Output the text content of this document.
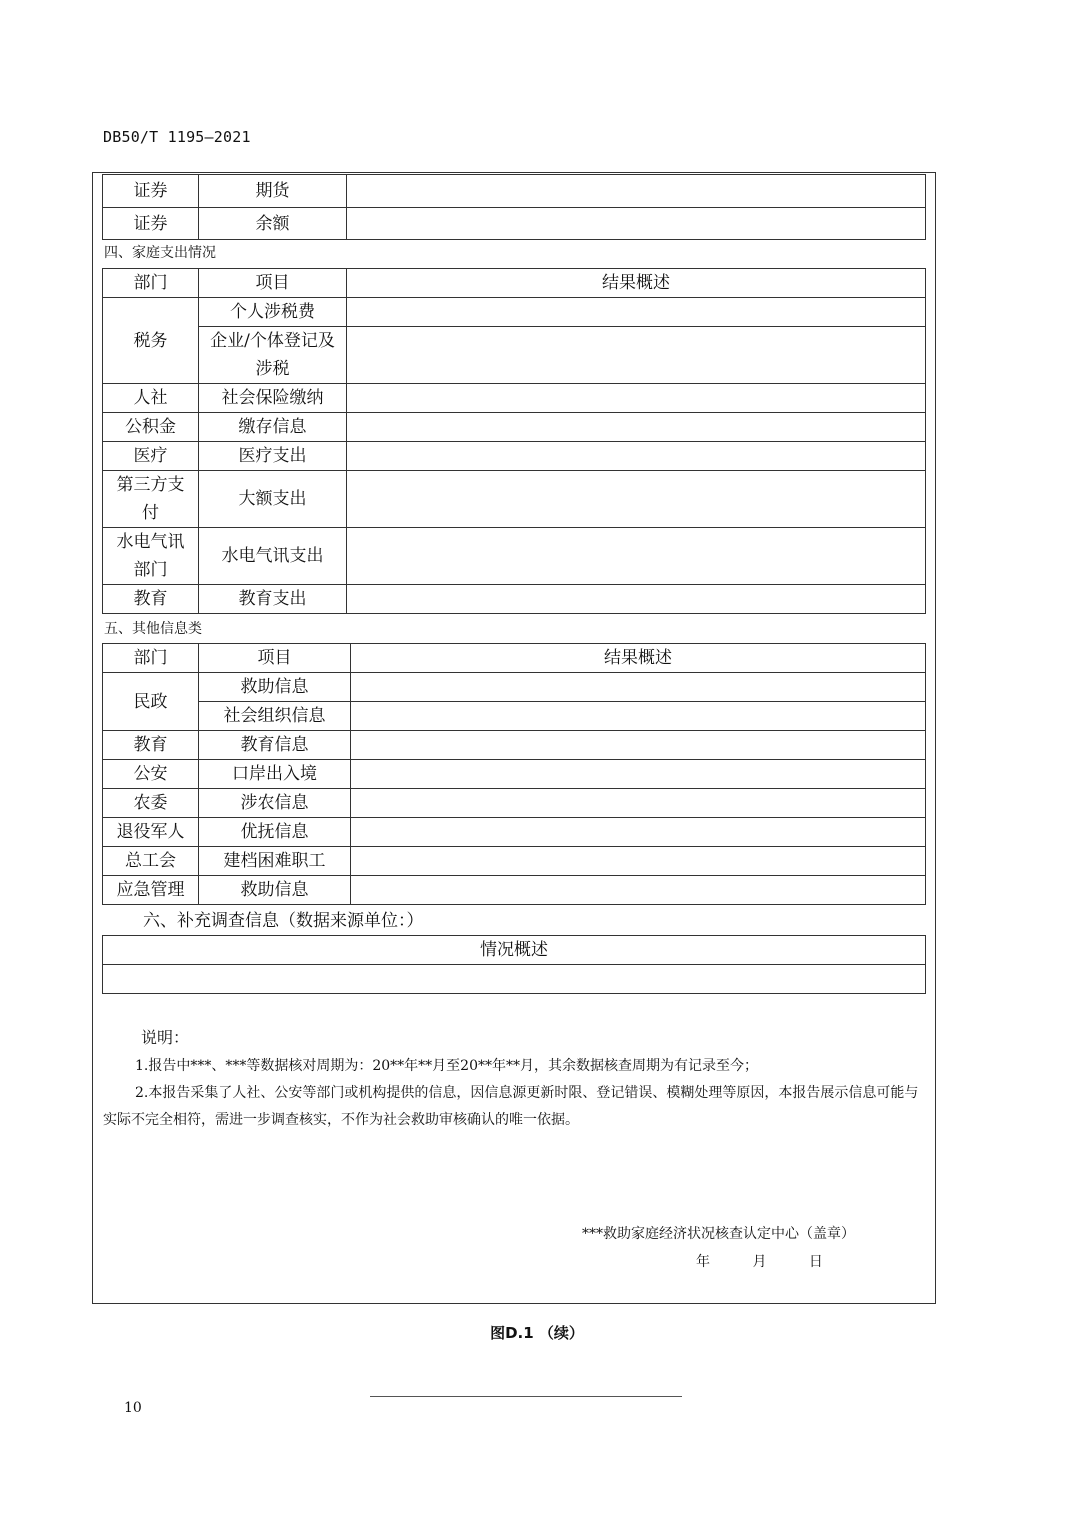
DB50/T 1195—2021
证券	期货	
证券	余额	
四、家庭支出情况
部门	项目	结果概述
税务	个人涉税费	
	企业/个体登记及涉税	
人社	社会保险缴纳	
公积金	缴存信息	
医疗	医疗支出	
第三方支付	大额支出	
水电气讯部门	水电气讯支出	
教育	教育支出	
五、其他信息类
部门	项目	结果概述
民政	救助信息	
	社会组织信息	
教育	教育信息	
公安	口岸出入境	
农委	涉农信息	
退役军人	优抚信息	
总工会	建档困难职工	
应急管理	救助信息	
六、补充调查信息（数据来源单位：）
情况概述

说明：
1.报告中***、***等数据核对周期为：20**年**月至20**年**月，其余数据核查周期为有记录至今；
2.本报告采集了人社、公安等部门或机构提供的信息，因信息源更新时限、登记错误、模糊处理等原因，本报告展示信息可能与实际不完全相符，需进一步调查核实，不作为社会救助审核确认的唯一依据。
***救助家庭经济状况核查认定中心（盖章）
年 月 日
图D.1 （续）
10
